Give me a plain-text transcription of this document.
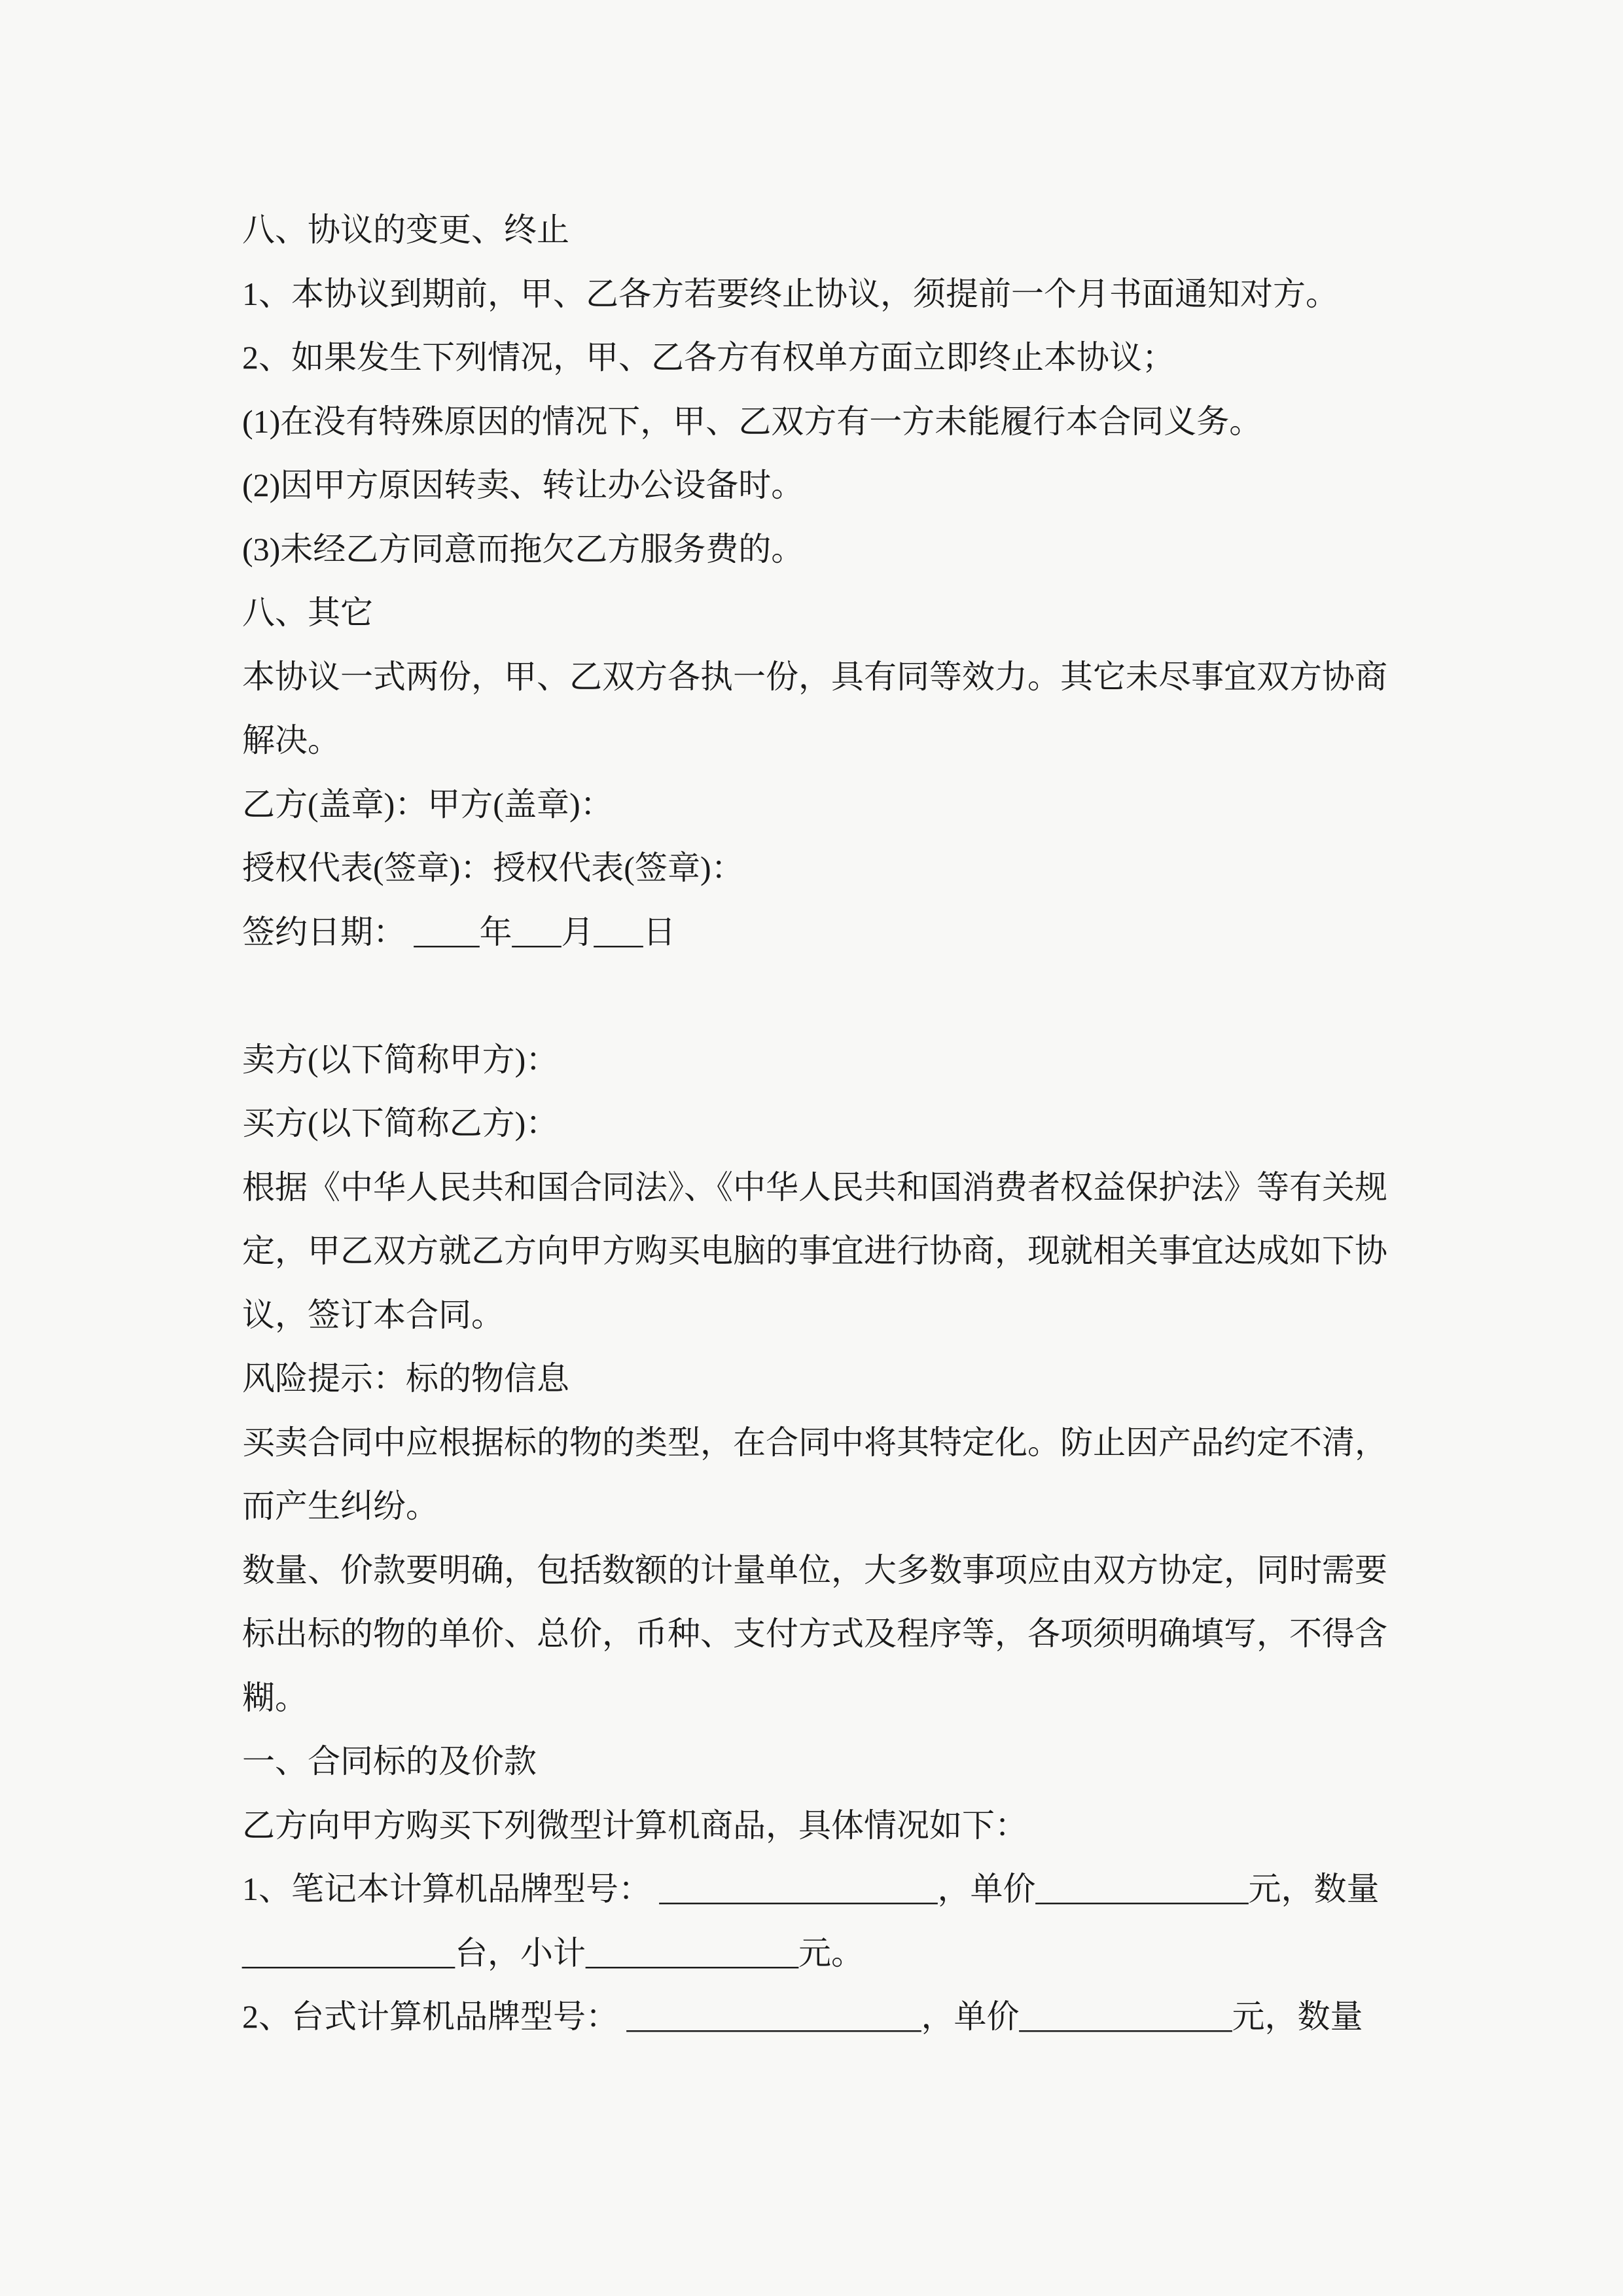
八、协议的变更、终止
1、本协议到期前，甲、乙各方若要终止协议，须提前一个月书面通知对方。
2、如果发生下列情况，甲、乙各方有权单方面立即终止本协议；
(1)在没有特殊原因的情况下，甲、乙双方有一方未能履行本合同义务。
(2)因甲方原因转卖、转让办公设备时。
(3)未经乙方同意而拖欠乙方服务费的。
八、其它
本协议一式两份，甲、乙双方各执一份，具有同等效力。其它未尽事宜双方协商
解决。
乙方(盖章)：甲方(盖章)：
授权代表(签章)：授权代表(签章)：
签约日期： ____年___月___日
卖方(以下简称甲方)：
买方(以下简称乙方)：
根据《中华人民共和国合同法》、《中华人民共和国消费者权益保护法》等有关规
定，甲乙双方就乙方向甲方购买电脑的事宜进行协商，现就相关事宜达成如下协
议，签订本合同。
风险提示：标的物信息
买卖合同中应根据标的物的类型，在合同中将其特定化。防止因产品约定不清，
而产生纠纷。
数量、价款要明确，包括数额的计量单位，大多数事项应由双方协定，同时需要
标出标的物的单价、总价，币种、支付方式及程序等，各项须明确填写，不得含
糊。
一、合同标的及价款
乙方向甲方购买下列微型计算机商品，具体情况如下：
1、笔记本计算机品牌型号： _________________，单价_____________元，数量
_____________台，小计_____________元。
2、台式计算机品牌型号： __________________，单价_____________元，数量
